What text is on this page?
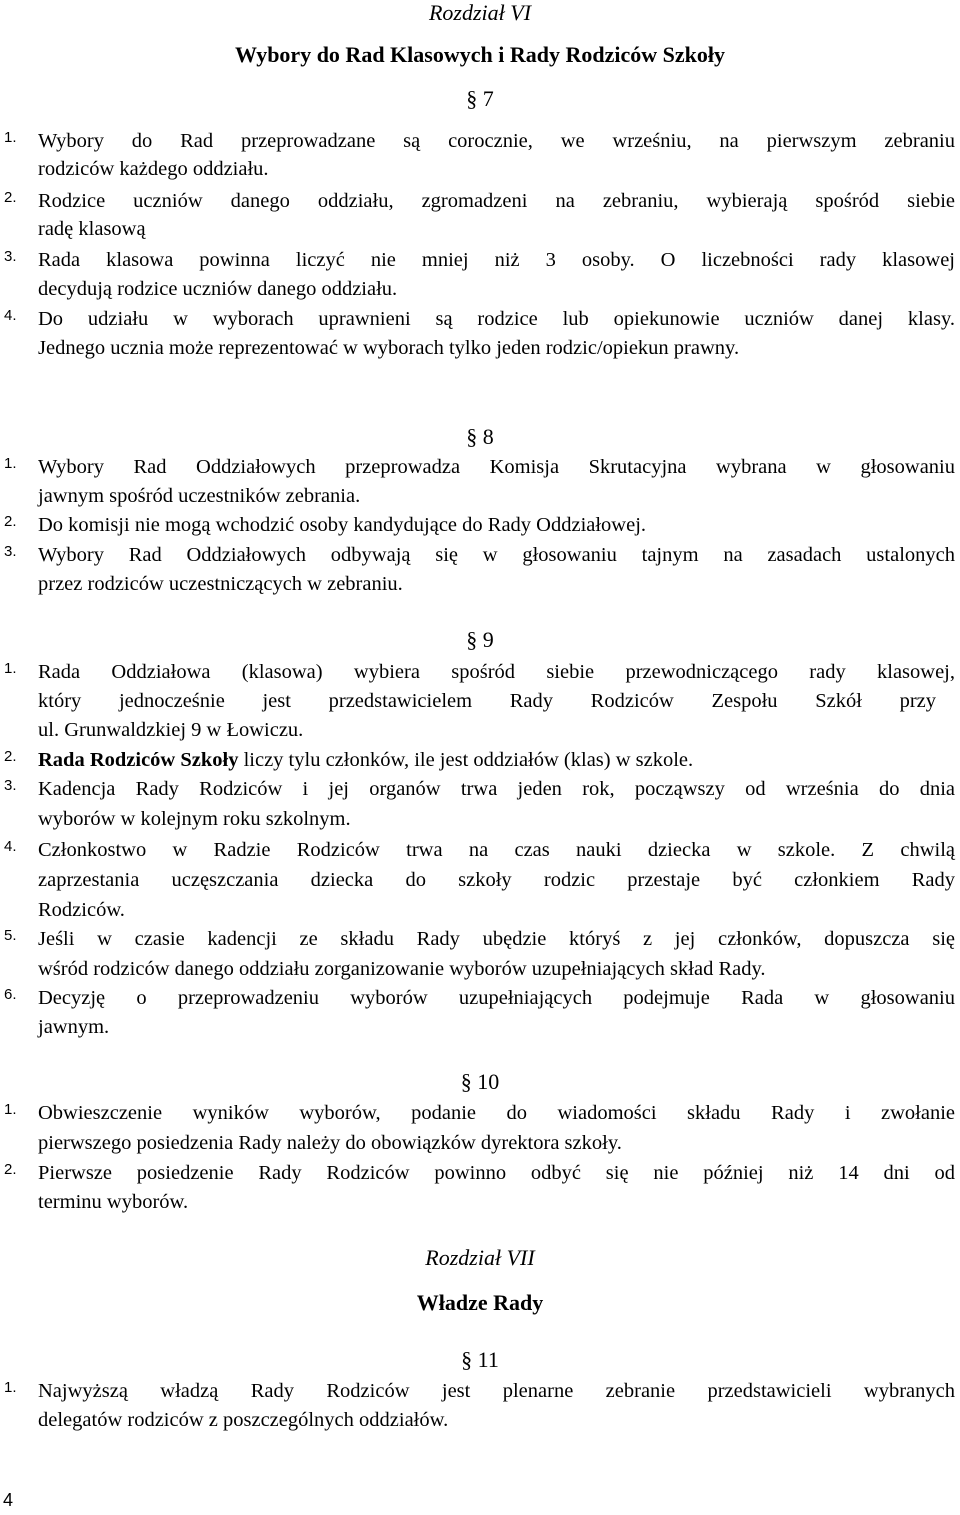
Rozdział VI
Wybory do Rad Klasowych i Rady Rodziców Szkoły
§ 7
1. Wybory do Rad przeprowadzane są corocznie, we wrześniu, na pierwszym zebraniu
rodziców każdego oddziału.
2. Rodzice uczniów danego oddziału, zgromadzeni na zebraniu, wybierają spośród siebie
radę klasową
3. Rada klasowa powinna liczyć nie mniej niż 3 osoby. O liczebności rady klasowej
decydują rodzice uczniów danego oddziału.
4. Do udziału w wyborach uprawnieni są rodzice lub opiekunowie uczniów danej klasy.
Jednego ucznia może reprezentować w wyborach tylko jeden rodzic/opiekun prawny.
§ 8
1. Wybory Rad Oddziałowych przeprowadza Komisja Skrutacyjna wybrana w głosowaniu
jawnym spośród uczestników zebrania.
2. Do komisji nie mogą wchodzić osoby kandydujące do Rady Oddziałowej.
3. Wybory Rad Oddziałowych odbywają się w głosowaniu tajnym na zasadach ustalonych
przez rodziców uczestniczących w zebraniu.
§ 9
1. Rada Oddziałowa (klasowa) wybiera spośród siebie przewodniczącego rady klasowej,
który jednocześnie jest przedstawicielem Rady Rodziców Zespołu Szkół przy
ul. Grunwaldzkiej 9 w Łowiczu.
2. Rada Rodziców Szkoły liczy tylu członków, ile jest oddziałów (klas) w szkole.
3. Kadencja Rady Rodziców i jej organów trwa jeden rok, począwszy od września do dnia
wyborów w kolejnym roku szkolnym.
4. Członkostwo w Radzie Rodziców trwa na czas nauki dziecka w szkole. Z chwilą
zaprzestania uczęszczania dziecka do szkoły rodzic przestaje być członkiem Rady
Rodziców.
5. Jeśli w czasie kadencji ze składu Rady ubędzie któryś z jej członków, dopuszcza się
wśród rodziców danego oddziału zorganizowanie wyborów uzupełniających skład Rady.
6. Decyzję o przeprowadzeniu wyborów uzupełniających podejmuje Rada w głosowaniu
jawnym.
§ 10
1. Obwieszczenie wyników wyborów, podanie do wiadomości składu Rady i zwołanie
pierwszego posiedzenia Rady należy do obowiązków dyrektora szkoły.
2. Pierwsze posiedzenie Rady Rodziców powinno odbyć się nie później niż 14 dni od
terminu wyborów.
Rozdział VII
Władze Rady
§ 11
1. Najwyższą władzą Rady Rodziców jest plenarne zebranie przedstawicieli wybranych
delegatów rodziców z poszczególnych oddziałów.
4
